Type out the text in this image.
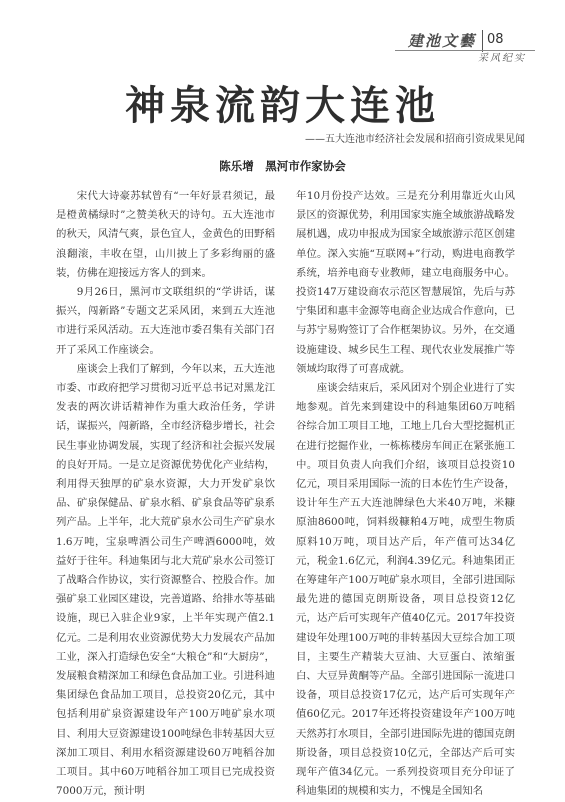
建池文藝 08
采风纪实
神泉流韵大连池
——五大连池市经济社会发展和招商引资成果见闻
陈乐增　黑河市作家协会

宋代大诗豪苏轼曾有“一年好景君须记，最是橙黄橘绿时”之赞美秋天的诗句。五大连池市的秋天，风清气爽，景色宜人，金黄色的田野稻浪翻滚，丰收在望，山川披上了多彩绚丽的盛装，仿佛在迎接远方客人的到来。

9月26日，黑河市文联组织的“学讲话，谋振兴，闯新路”专题文艺采风团，来到五大连池市进行采风活动。五大连池市委召集有关部门召开了采风工作座谈会。

座谈会上我们了解到，今年以来，五大连池市委、市政府把学习贯彻习近平总书记对黑龙江发表的两次讲话精神作为重大政治任务，学讲话，谋振兴，闯新路，全市经济稳步增长，社会民生事业协调发展，实现了经济和社会振兴发展的良好开局。一是立足资源优势优化产业结构，利用得天独厚的矿泉水资源，大力开发矿泉饮品、矿泉保健品、矿泉水稻、矿泉食品等矿泉系列产品。上半年，北大荒矿泉水公司生产矿泉水1.6万吨，宝泉啤酒公司生产啤酒6000吨，效益好于往年。科迪集团与北大荒矿泉水公司签订了战略合作协议，实行资源整合、控股合作。加强矿泉工业园区建设，完善道路、给排水等基础设施，现已入驻企业9家，上半年实现产值2.1亿元。二是利用农业资源优势大力发展农产品加工业，深入打造绿色安全“大粮仓”和“大厨房”，发展粮食精深加工和绿色食品加工业。引进科迪集团绿色食品加工项目，总投资20亿元，其中包括利用矿泉资源建设年产100万吨矿泉水项目、利用大豆资源建设100吨绿色非转基因大豆深加工项目、利用水稻资源建设60万吨稻谷加工项目。其中60万吨稻谷加工项目已完成投资7000万元，预计明

年10月份投产达效。三是充分利用靠近火山风景区的资源优势，利用国家实施全域旅游战略发展机遇，成功申报成为国家全域旅游示范区创建单位。深入实施“互联网+”行动，购进电商教学系统，培养电商专业教师，建立电商服务中心。投资147万建设商农示范区智慧展馆，先后与苏宁集团和惠丰金源等电商企业达成合作意向，已与苏宁易购签订了合作框架协议。另外，在交通设施建设、城乡民生工程、现代农业发展推广等领域均取得了可喜成就。

座谈会结束后，采风团对个别企业进行了实地参观。首先来到建设中的科迪集团60万吨稻谷综合加工项目工地，工地上几台大型挖掘机正在进行挖掘作业，一栋栋楼房车间正在紧张施工中。项目负责人向我们介绍，该项目总投资10亿元，项目采用国际一流的日本佐竹生产设备，设计年生产五大连池牌绿色大米40万吨，米糠原油8600吨，饲料级糠粕4万吨，成型生物质原料10万吨，项目达产后，年产值可达34亿元，税金1.6亿元，利润4.39亿元。科迪集团正在筹建年产100万吨矿泉水项目，全部引进国际最先进的德国克朗斯设备，项目总投资12亿元，达产后可实现年产值40亿元。2017年投资建设年处理100万吨的非转基因大豆综合加工项目，主要生产精装大豆油、大豆蛋白、浓缩蛋白、大豆异黄酮等产品。全部引进国际一流进口设备，项目总投资17亿元，达产后可实现年产值60亿元。2017年还将投资建设年产100万吨天然苏打水项目，全部引进国际先进的德国克朗斯设备，项目总投资10亿元，全部达产后可实现年产值34亿元。一系列投资项目充分印证了科迪集团的规模和实力，不愧是全国知名
